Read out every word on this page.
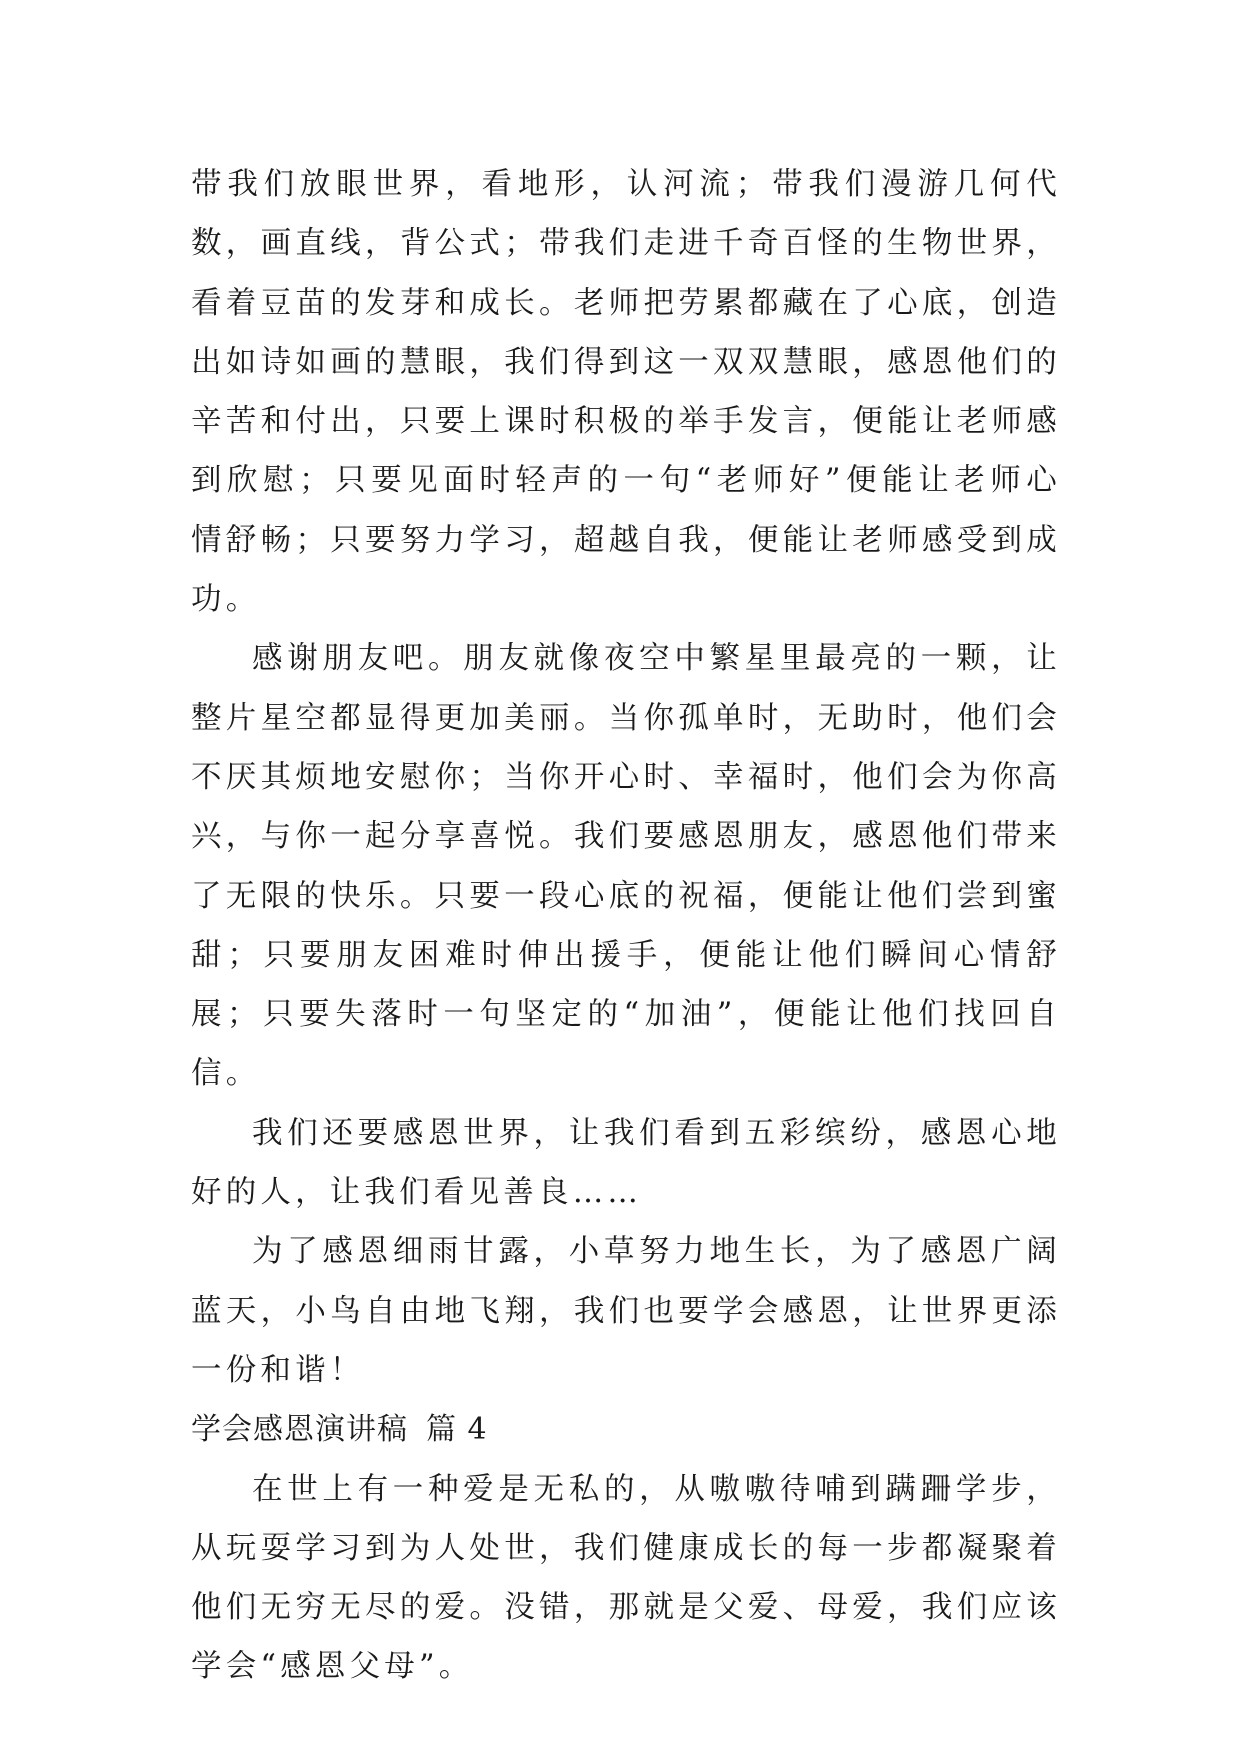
带我们放眼世界，看地形，认河流；带我们漫游几何代数，画直线，背公式；带我们走进千奇百怪的生物世界，看着豆苗的发芽和成长。老师把劳累都藏在了心底，创造出如诗如画的慧眼，我们得到这一双双慧眼，感恩他们的辛苦和付出，只要上课时积极的举手发言，便能让老师感到欣慰；只要见面时轻声的一句“老师好”便能让老师心情舒畅；只要努力学习，超越自我，便能让老师感受到成功。

感谢朋友吧。朋友就像夜空中繁星里最亮的一颗，让整片星空都显得更加美丽。当你孤单时，无助时，他们会不厌其烦地安慰你；当你开心时、幸福时，他们会为你高兴，与你一起分享喜悦。我们要感恩朋友，感恩他们带来了无限的快乐。只要一段心底的祝福，便能让他们尝到蜜甜；只要朋友困难时伸出援手，便能让他们瞬间心情舒展；只要失落时一句坚定的“加油”，便能让他们找回自信。

我们还要感恩世界，让我们看到五彩缤纷，感恩心地好的人，让我们看见善良……

为了感恩细雨甘露，小草努力地生长，为了感恩广阔蓝天，小鸟自由地飞翔，我们也要学会感恩，让世界更添一份和谐！

学会感恩演讲稿 篇 4

在世上有一种爱是无私的，从嗷嗷待哺到蹒跚学步，从玩耍学习到为人处世，我们健康成长的每一步都凝聚着他们无穷无尽的爱。没错，那就是父爱、母爱，我们应该学会“感恩父母”。
